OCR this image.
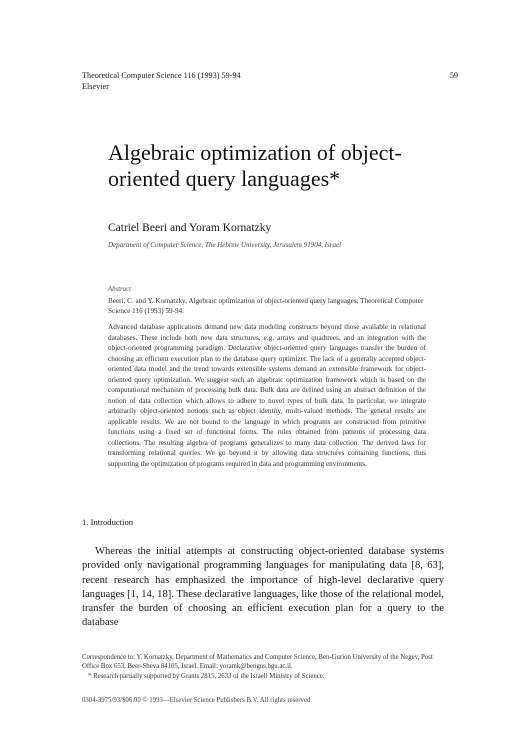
Theoretical Computer Science 116 (1993) 59-94
Elsevier
59
Algebraic optimization of object-oriented query languages*
Catriel Beeri and Yoram Kornatzky
Department of Computer Science, The Hebrew University, Jerusalem 91904, Israel
Abstract
Beeri, C. and Y. Kornatzky, Algebraic optimization of object-oriented query languages, Theoretical Computer Science 116 (1993) 59-94.
Advanced database applications demand new data modeling constructs beyond those available in relational databases. These include both new data structures, e.g. arrays and quadtrees, and an integration with the object-oriented programming paradigm. Declarative object-oriented query languages transfer the burden of choosing an efficient execution plan to the database query optimizer. The lack of a generally accepted object-oriented data model and the trend towards extensible systems demand an extensible framework for object-oriented query optimization. We suggest such an algebraic optimization framework which is based on the computational mechanism of processing bulk data. Bulk data are defined using an abstract definition of the notion of data collection which allows to adhere to novel types of bulk data. In particular, we integrate arbitrarily object-oriented notions such as object identity, multi-valued methods. The general results are applicable results. We are not bound to the language in which programs are constructed from primitive functions using a fixed set of functional forms. The rules obtained from patterns of processing data collections. The resulting algebra of programs generalizes to many data collection. The derived laws for transforming relational queries. We go beyond it by allowing data structures containing functions, thus supporting the optimization of programs required in data and programming environments.
1. Introduction
Whereas the initial attempts at constructing object-oriented database systems provided only navigational programming languages for manipulating data [8, 63], recent research has emphasized the importance of high-level declarative query languages [1, 14, 18]. These declarative languages, like those of the relational model, transfer the burden of choosing an efficient execution plan for a query to the database
Correspondence to: Y. Kornatzky, Department of Mathematics and Computer Science, Ben-Gurion University of the Negev, Post Office Box 653, Beer-Sheva 84105, Israel. Email: yoramk@bengus.bgu.ac.il.
* Research partially supported by Grants 2815, 2633 of the Israeli Ministry of Science.
0304-3975/93/$06.00 © 1993—Elsevier Science Publishers B.V. All rights reserved
